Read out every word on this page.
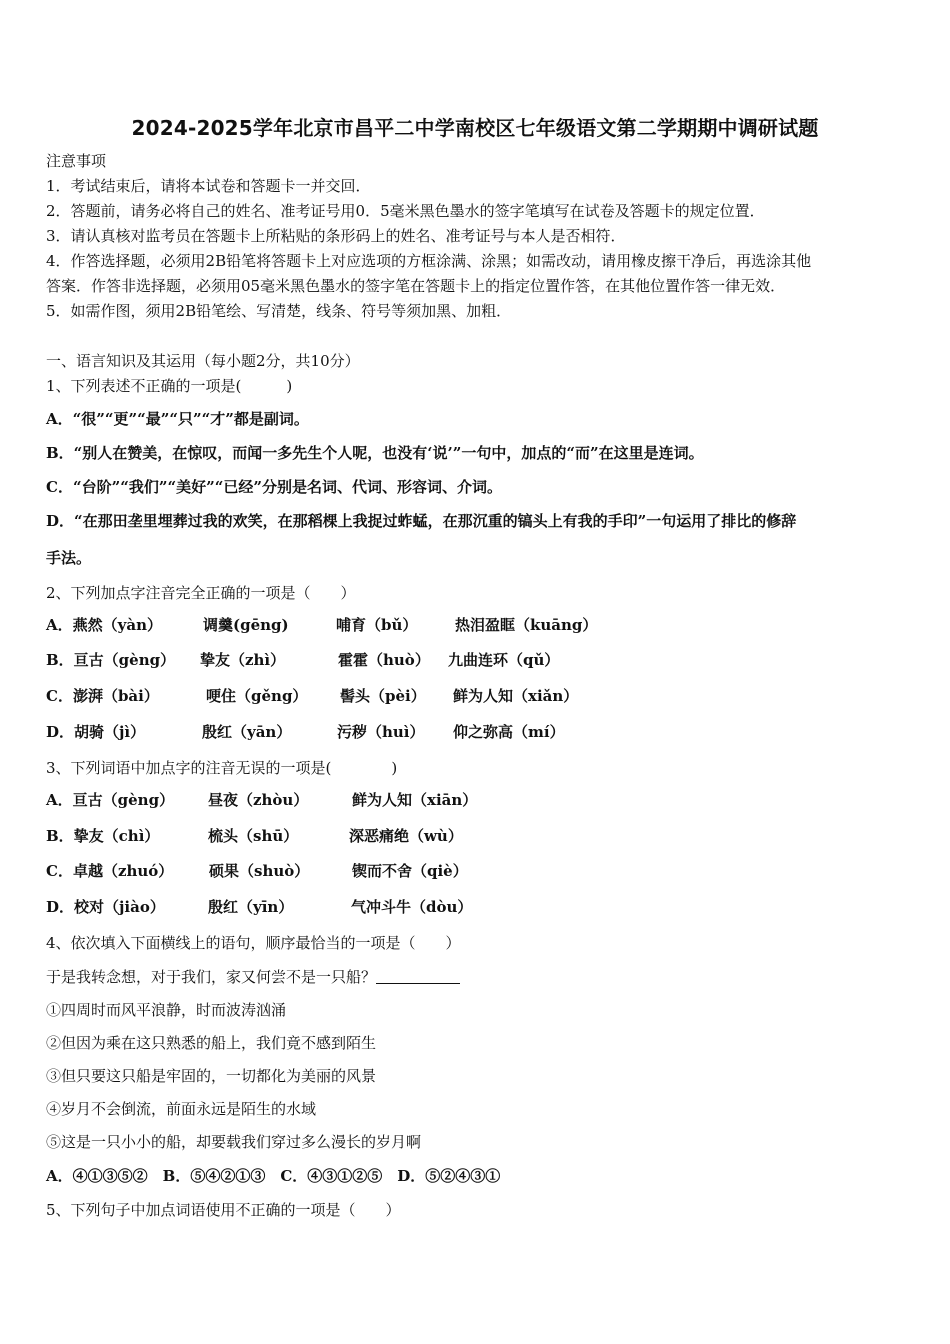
2024-2025学年北京市昌平二中学南校区七年级语文第二学期期中调研试题
注意事项
1．考试结束后，请将本试卷和答题卡一并交回．
2．答题前，请务必将自己的姓名、准考证号用0．5毫米黑色墨水的签字笔填写在试卷及答题卡的规定位置．
3．请认真核对监考员在答题卡上所粘贴的条形码上的姓名、准考证号与本人是否相符．
4．作答选择题，必须用2B铅笔将答题卡上对应选项的方框涂满、涂黑；如需改动，请用橡皮擦干净后，再选涂其他
答案．作答非选择题，必须用05毫米黑色墨水的签字笔在答题卡上的指定位置作答，在其他位置作答一律无效．
5．如需作图，须用2B铅笔绘、写清楚，线条、符号等须加黑、加粗．
一、语言知识及其运用（每小题2分，共10分）
1、下列表述不正确的一项是(　　　)
A．“很”“更”“最”“只”“才”都是副词。
B．“别人在赞美，在惊叹，而闻一多先生个人呢，也没有‘说’”一句中，加点的“而”在这里是连词。
C．“台阶”“我们”“美好”“已经”分别是名词、代词、形容词、介词。
D．“在那田垄里埋葬过我的欢笑，在那稻棵上我捉过蚱蜢，在那沉重的镐头上有我的手印”一句运用了排比的修辞
手法。
2、下列加点字注音完全正确的一项是（　　）
A．燕然（yàn）	调羹(gēng)	哺育（bǔ）	热泪盈眶（kuāng）
B．亘古（gèng） 挚友（zhì）	霍霍（huò） 九曲连环（qǔ）
C．澎湃（bài）	哽住（gěng） 髻头（pèi） 鲜为人知（xiǎn）
D．胡骑（jì）	殷红（yān）	污秽（huì） 仰之弥高（mí）
3、下列词语中加点字的注音无误的一项是(　　　　)
A．亘古（gèng） 昼夜（zhòu）	鲜为人知（xiān）
B．挚友（chì）	梳头（shū）	深恶痛绝（wù）
C．卓越（zhuó） 硕果（shuò）	锲而不舍（qiè）
D．校对（jiào）	殷红（yīn）	气冲斗牛（dòu）
4、依次填入下面横线上的语句，顺序最恰当的一项是（　　）
于是我转念想，对于我们，家又何尝不是一只船？
①四周时而风平浪静，时而波涛汹涌
②但因为乘在这只熟悉的船上，我们竟不感到陌生
③但只要这只船是牢固的，一切都化为美丽的风景
④岁月不会倒流，前面永远是陌生的水域
⑤这是一只小小的船，却要载我们穿过多么漫长的岁月啊
A．④①③⑤②　B．⑤④②①③　C．④③①②⑤　D．⑤②④③①
5、下列句子中加点词语使用不正确的一项是（　　）
